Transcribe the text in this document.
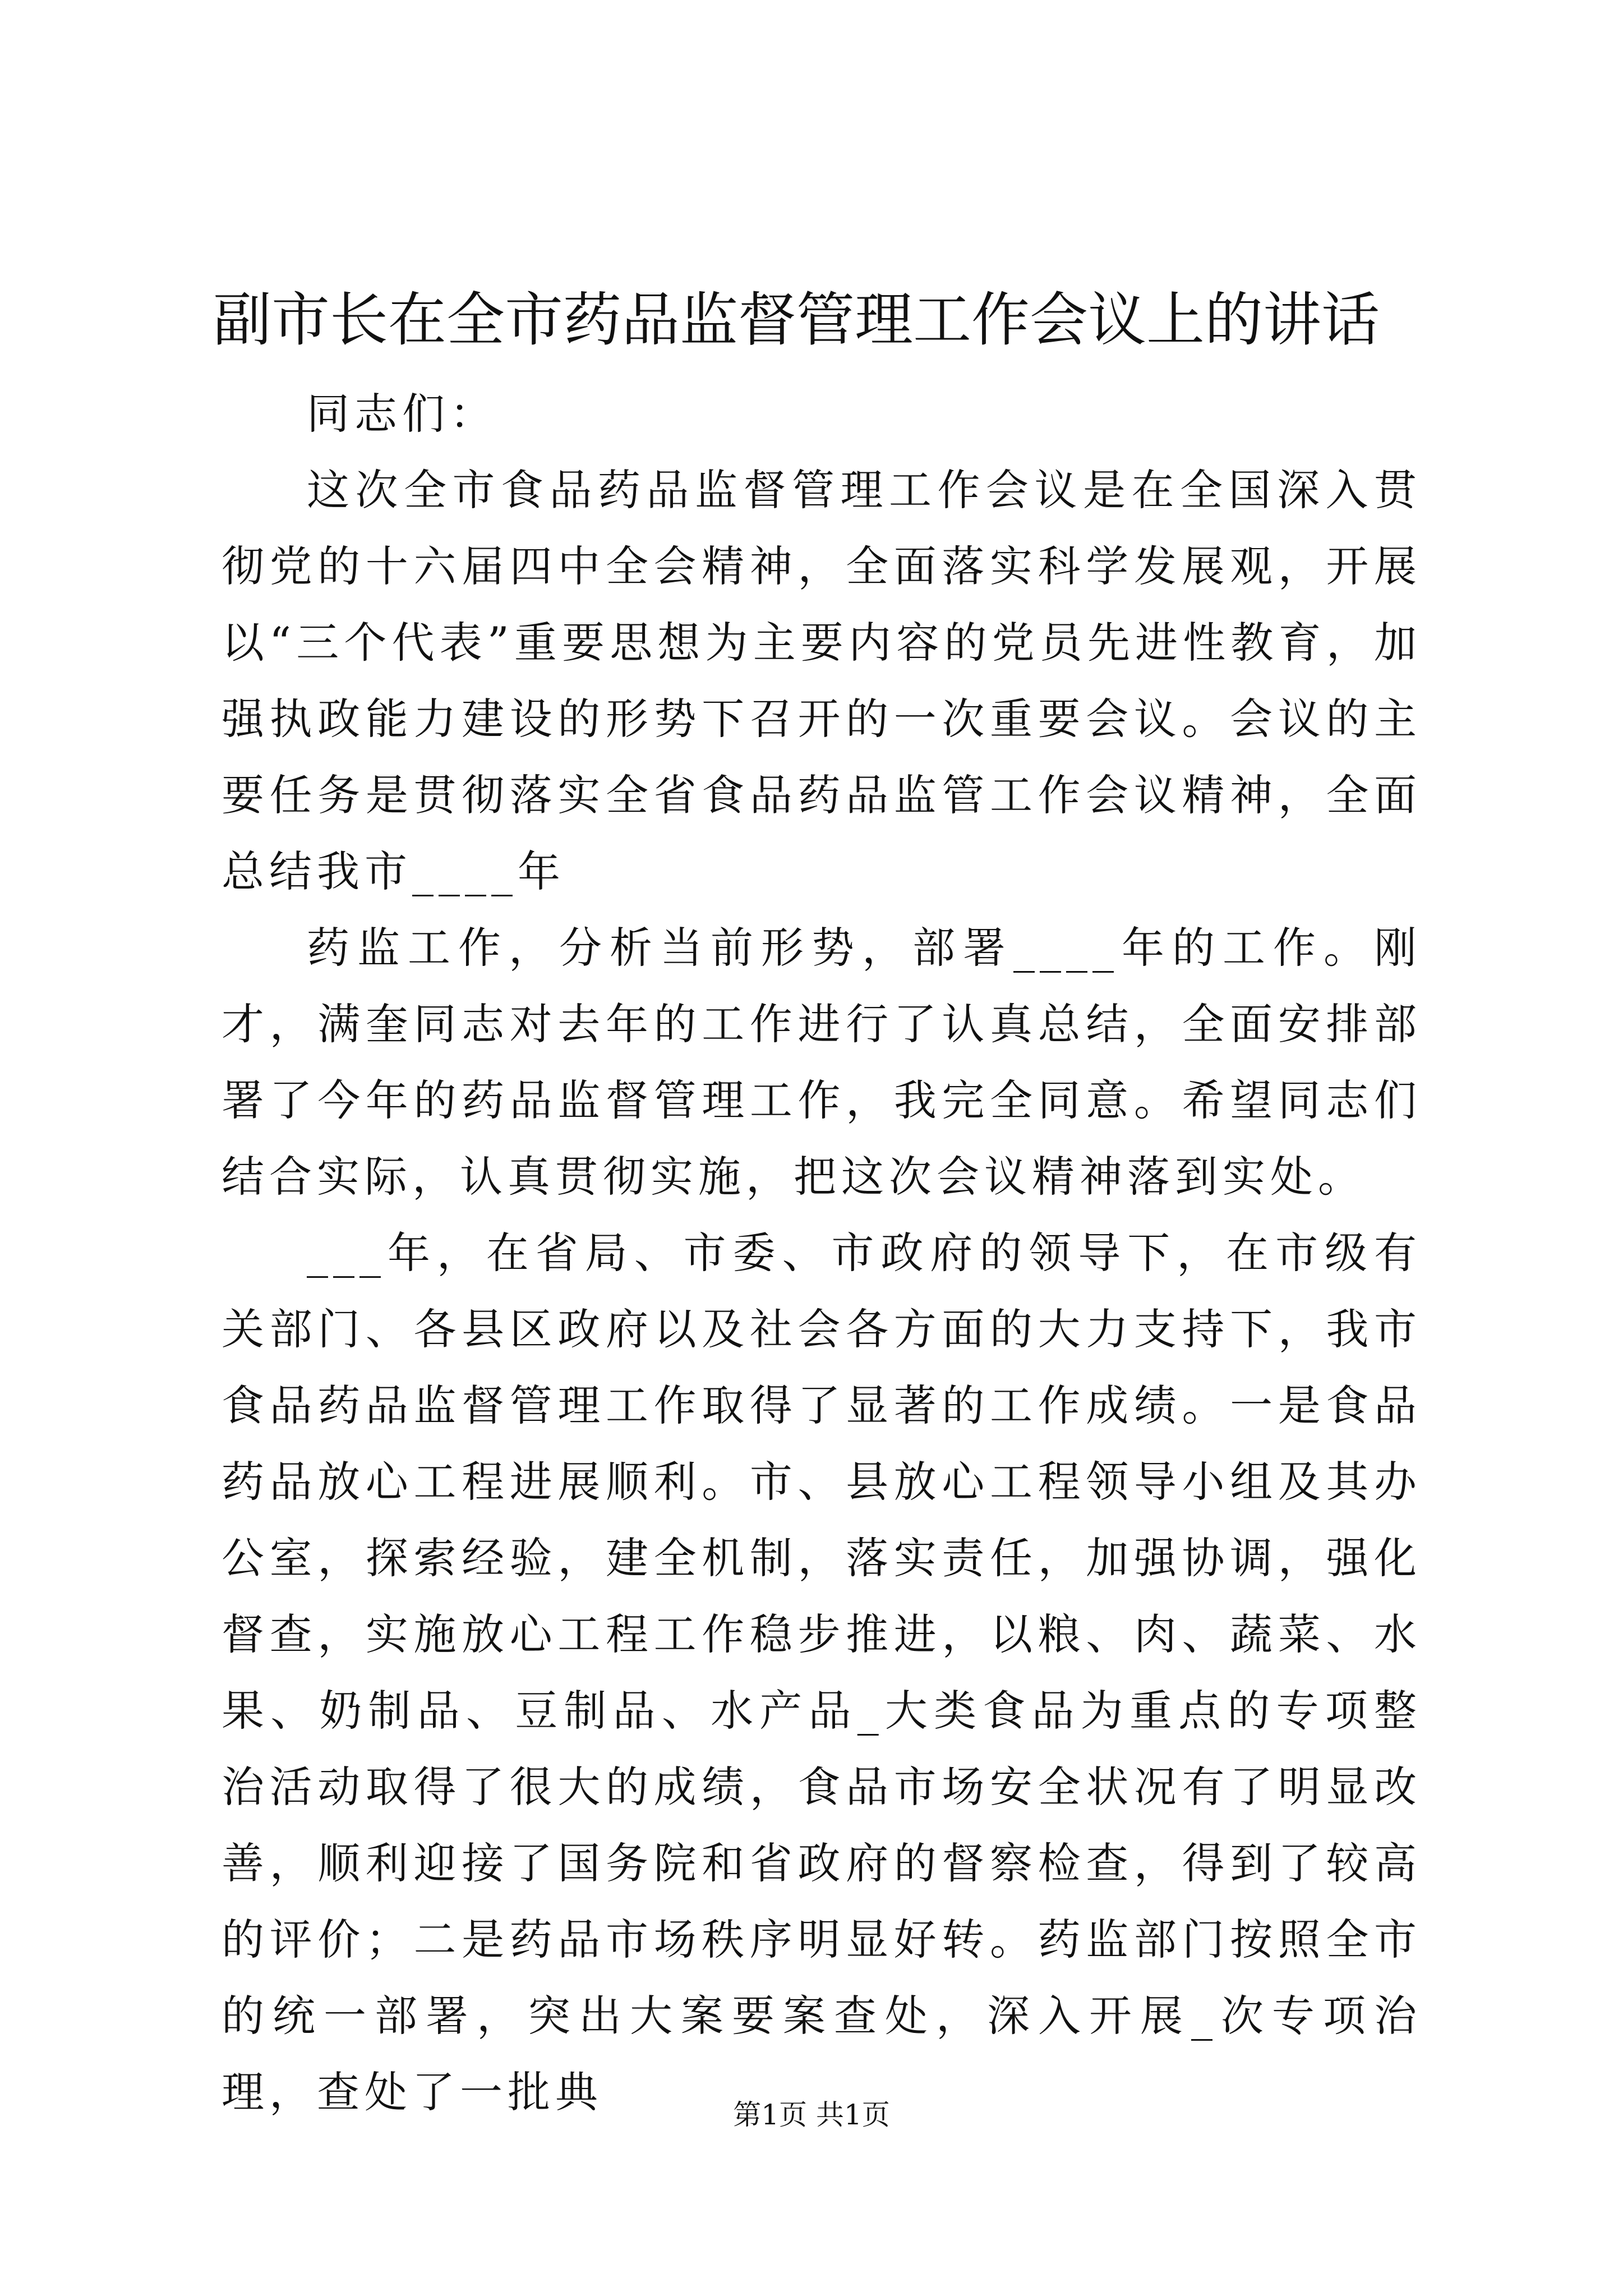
副市长在全市药品监督管理工作会议上的讲话

同志们：

这次全市食品药品监督管理工作会议是在全国深入贯彻党的十六届四中全会精神，全面落实科学发展观，开展以“三个代表”重要思想为主要内容的党员先进性教育，加强执政能力建设的形势下召开的一次重要会议。会议的主要任务是贯彻落实全省食品药品监管工作会议精神，全面总结我市____年

药监工作，分析当前形势，部署____年的工作。刚才，满奎同志对去年的工作进行了认真总结，全面安排部署了今年的药品监督管理工作，我完全同意。希望同志们结合实际，认真贯彻实施，把这次会议精神落到实处。

___年，在省局、市委、市政府的领导下，在市级有关部门、各县区政府以及社会各方面的大力支持下，我市食品药品监督管理工作取得了显著的工作成绩。一是食品药品放心工程进展顺利。市、县放心工程领导小组及其办公室，探索经验，建全机制，落实责任，加强协调，强化督查，实施放心工程工作稳步推进，以粮、肉、蔬菜、水果、奶制品、豆制品、水产品_大类食品为重点的专项整治活动取得了很大的成绩，食品市场安全状况有了明显改善，顺利迎接了国务院和省政府的督察检查，得到了较高的评价；二是药品市场秩序明显好转。药监部门按照全市的统一部署，突出大案要案查处，深入开展_次专项治理，查处了一批典	第1页 共1页
